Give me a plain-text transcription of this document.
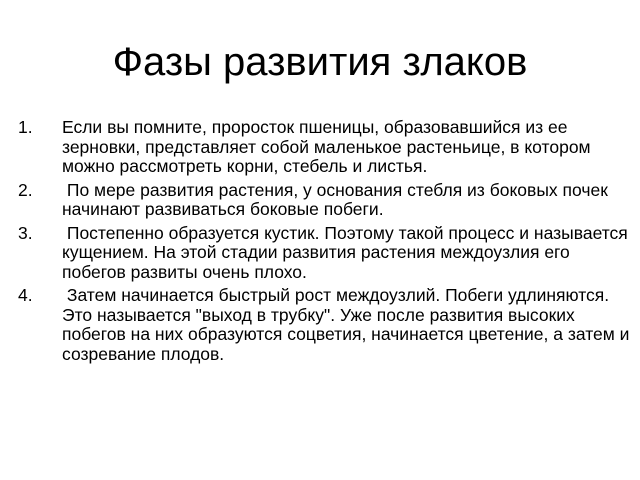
Фазы развития злаков
1.	Если вы помните, проросток пшеницы, образовавшийся из ее зерновки, представляет собой маленькое растеньице, в котором можно рассмотреть корни, стебель и листья.
2.	По мере развития растения, у основания стебля из боковых почек начинают развиваться боковые побеги.
3.	Постепенно образуется кустик. Поэтому такой процесс и называется кущением. На этой стадии развития растения междоузлия его побегов развиты очень плохо.
4.	Затем начинается быстрый рост междоузлий. Побеги удлиняются. Это называется "выход в трубку". Уже после развития высоких побегов на них образуются соцветия, начинается цветение, а затем и созревание плодов.
